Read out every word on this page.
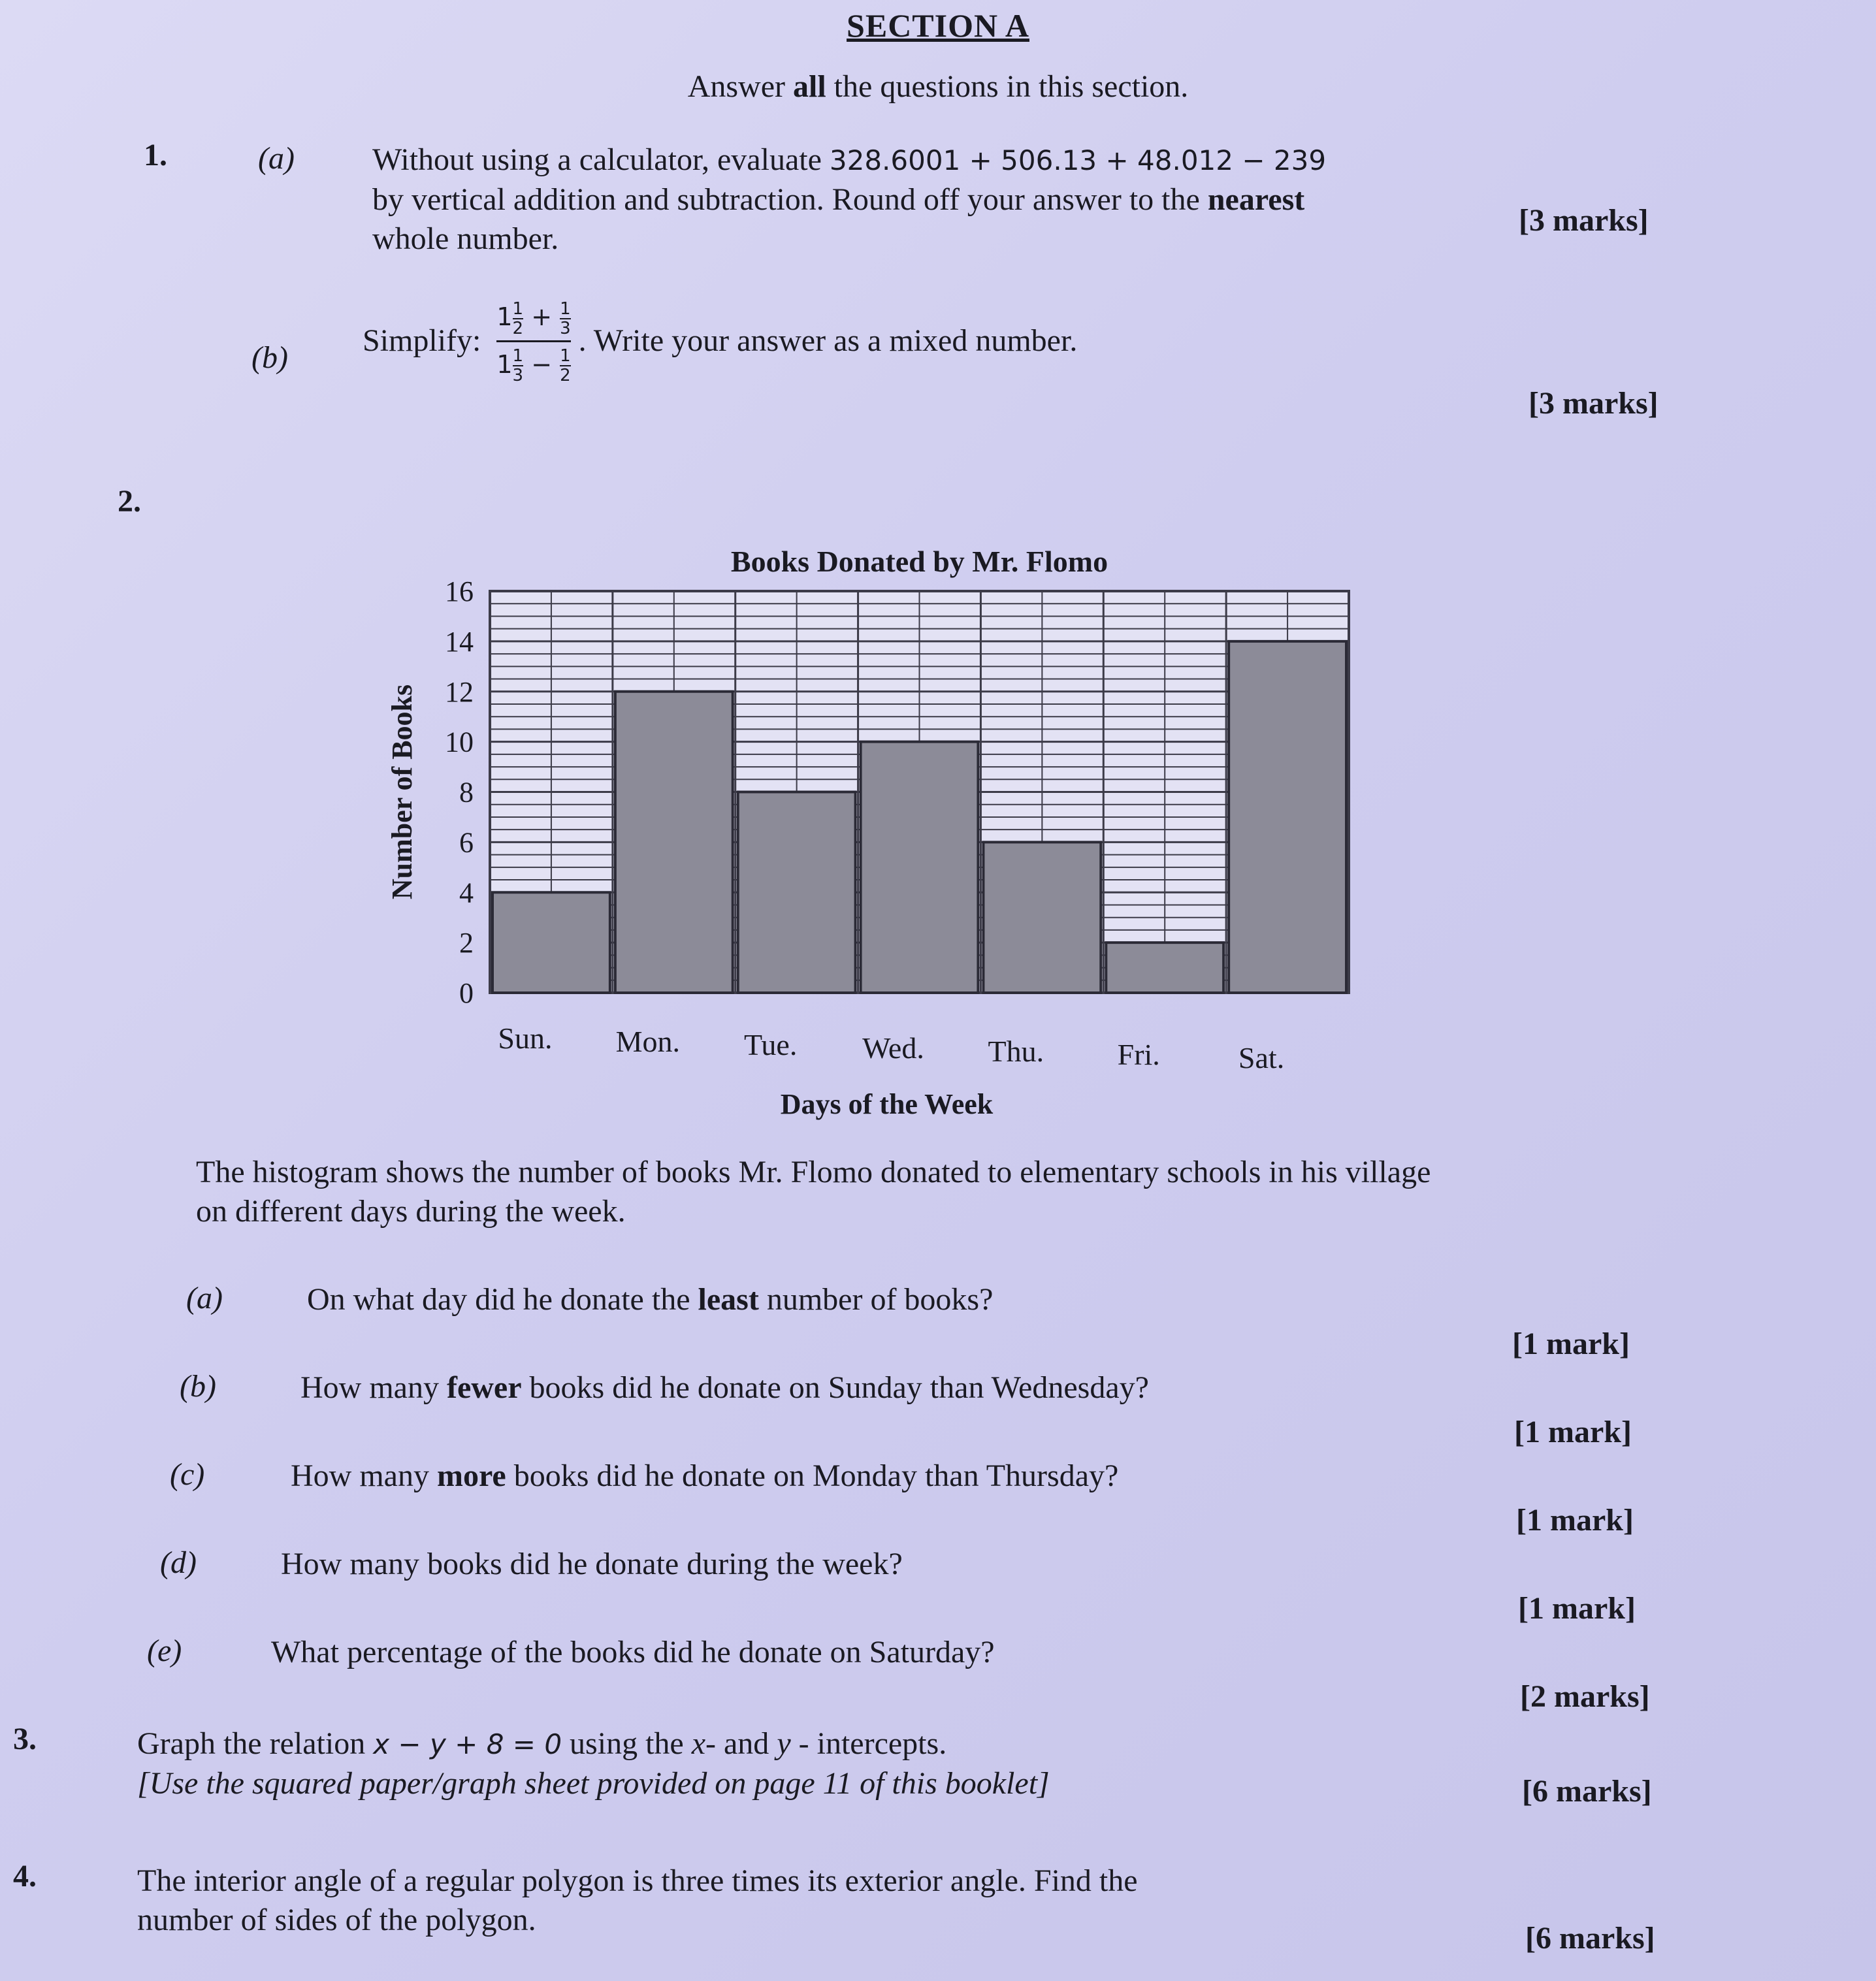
SECTION A
Answer all the questions in this section.
1.	(a) Without using a calculator, evaluate 328.6001 + 506.13 + 48.012 − 239
by vertical addition and subtraction. Round off your answer to the nearest
whole number.
[3 marks]
(b) Simplify:
$\frac{1 \frac{1}{2} + \frac{1}{3}}{1 \frac{1}{3} - \frac{1}{2}}$
. Write your answer as a mixed number.
[3 marks]
2.
Books Donated by Mr. Flomo
0
2
4
6
8
10
12
14
16
Sun. Mon. Tue. Wed. Thu. Fri.	Sat.
Days of the Week
Number of Books
The histogram shows the number of books Mr. Flomo donated to elementary schools in his village
on different days during the week.
(a)	On what day did he donate the least number of books?
[1 mark]
(b)	How many fewer books did he donate on Sunday than Wednesday?
[1 mark]
(c)	How many more books did he donate on Monday than Thursday?
[1 mark]
(d)	How many books did he donate during the week?
[1 mark]
(e)	What percentage of the books did he donate on Saturday?
[2 marks]
3.	Graph the relation x − y + 8 = 0 using the x- and y - intercepts.
[Use the squared paper/graph sheet provided on page 11 of this booklet]	[6 marks]
4.	The interior angle of a regular polygon is three times its exterior angle. Find the
number of sides of the polygon.
[6 marks]
